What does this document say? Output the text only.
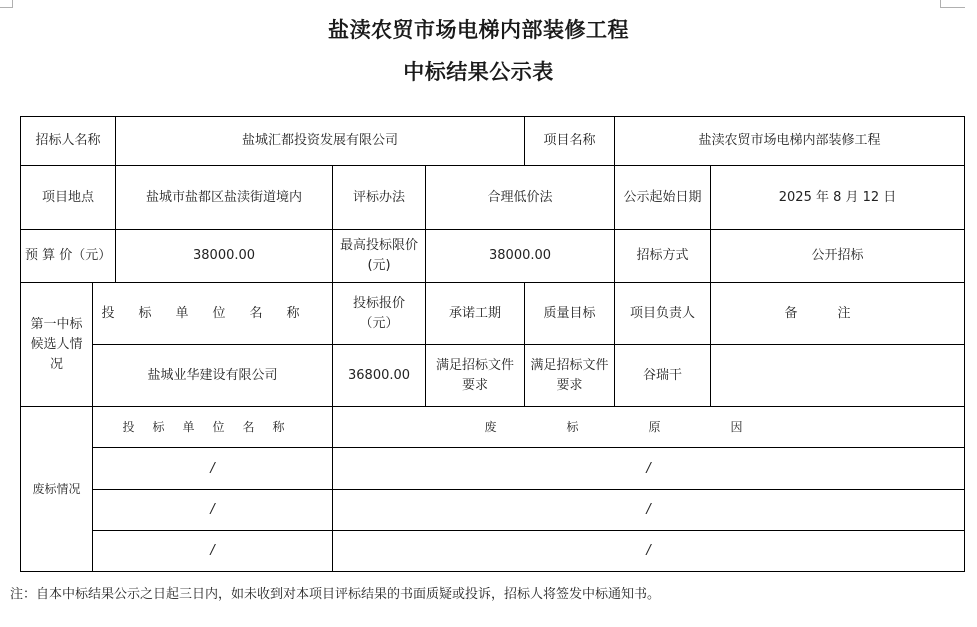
盐渎农贸市场电梯内部装修工程
中标结果公示表
招标人名称		盐城汇都投资发展有限公司			项目名称	盐渎农贸市场电梯内部装修工程	
项目地点		盐城市盐都区盐渎街道境内	评标办法	合理低价法		公示起始日期	2025 年 8 月 12 日
预 算 价（元）		38000.00	最高投标限价(元)	38000.00		招标方式	公开招标
第一中标候选人情况	投标单位名称		投标报价（元）	承诺工期	质量目标	项目负责人	备注
	盐城业华建设有限公司		36800.00	满足招标文件要求	满足招标文件要求	谷瑞干	
废标情况	投标单位名称		废标原因				
	/		/				
	/		/				
	/		/				
注：自本中标结果公示之日起三日内，如未收到对本项目评标结果的书面质疑或投诉，招标人将签发中标通知书。
